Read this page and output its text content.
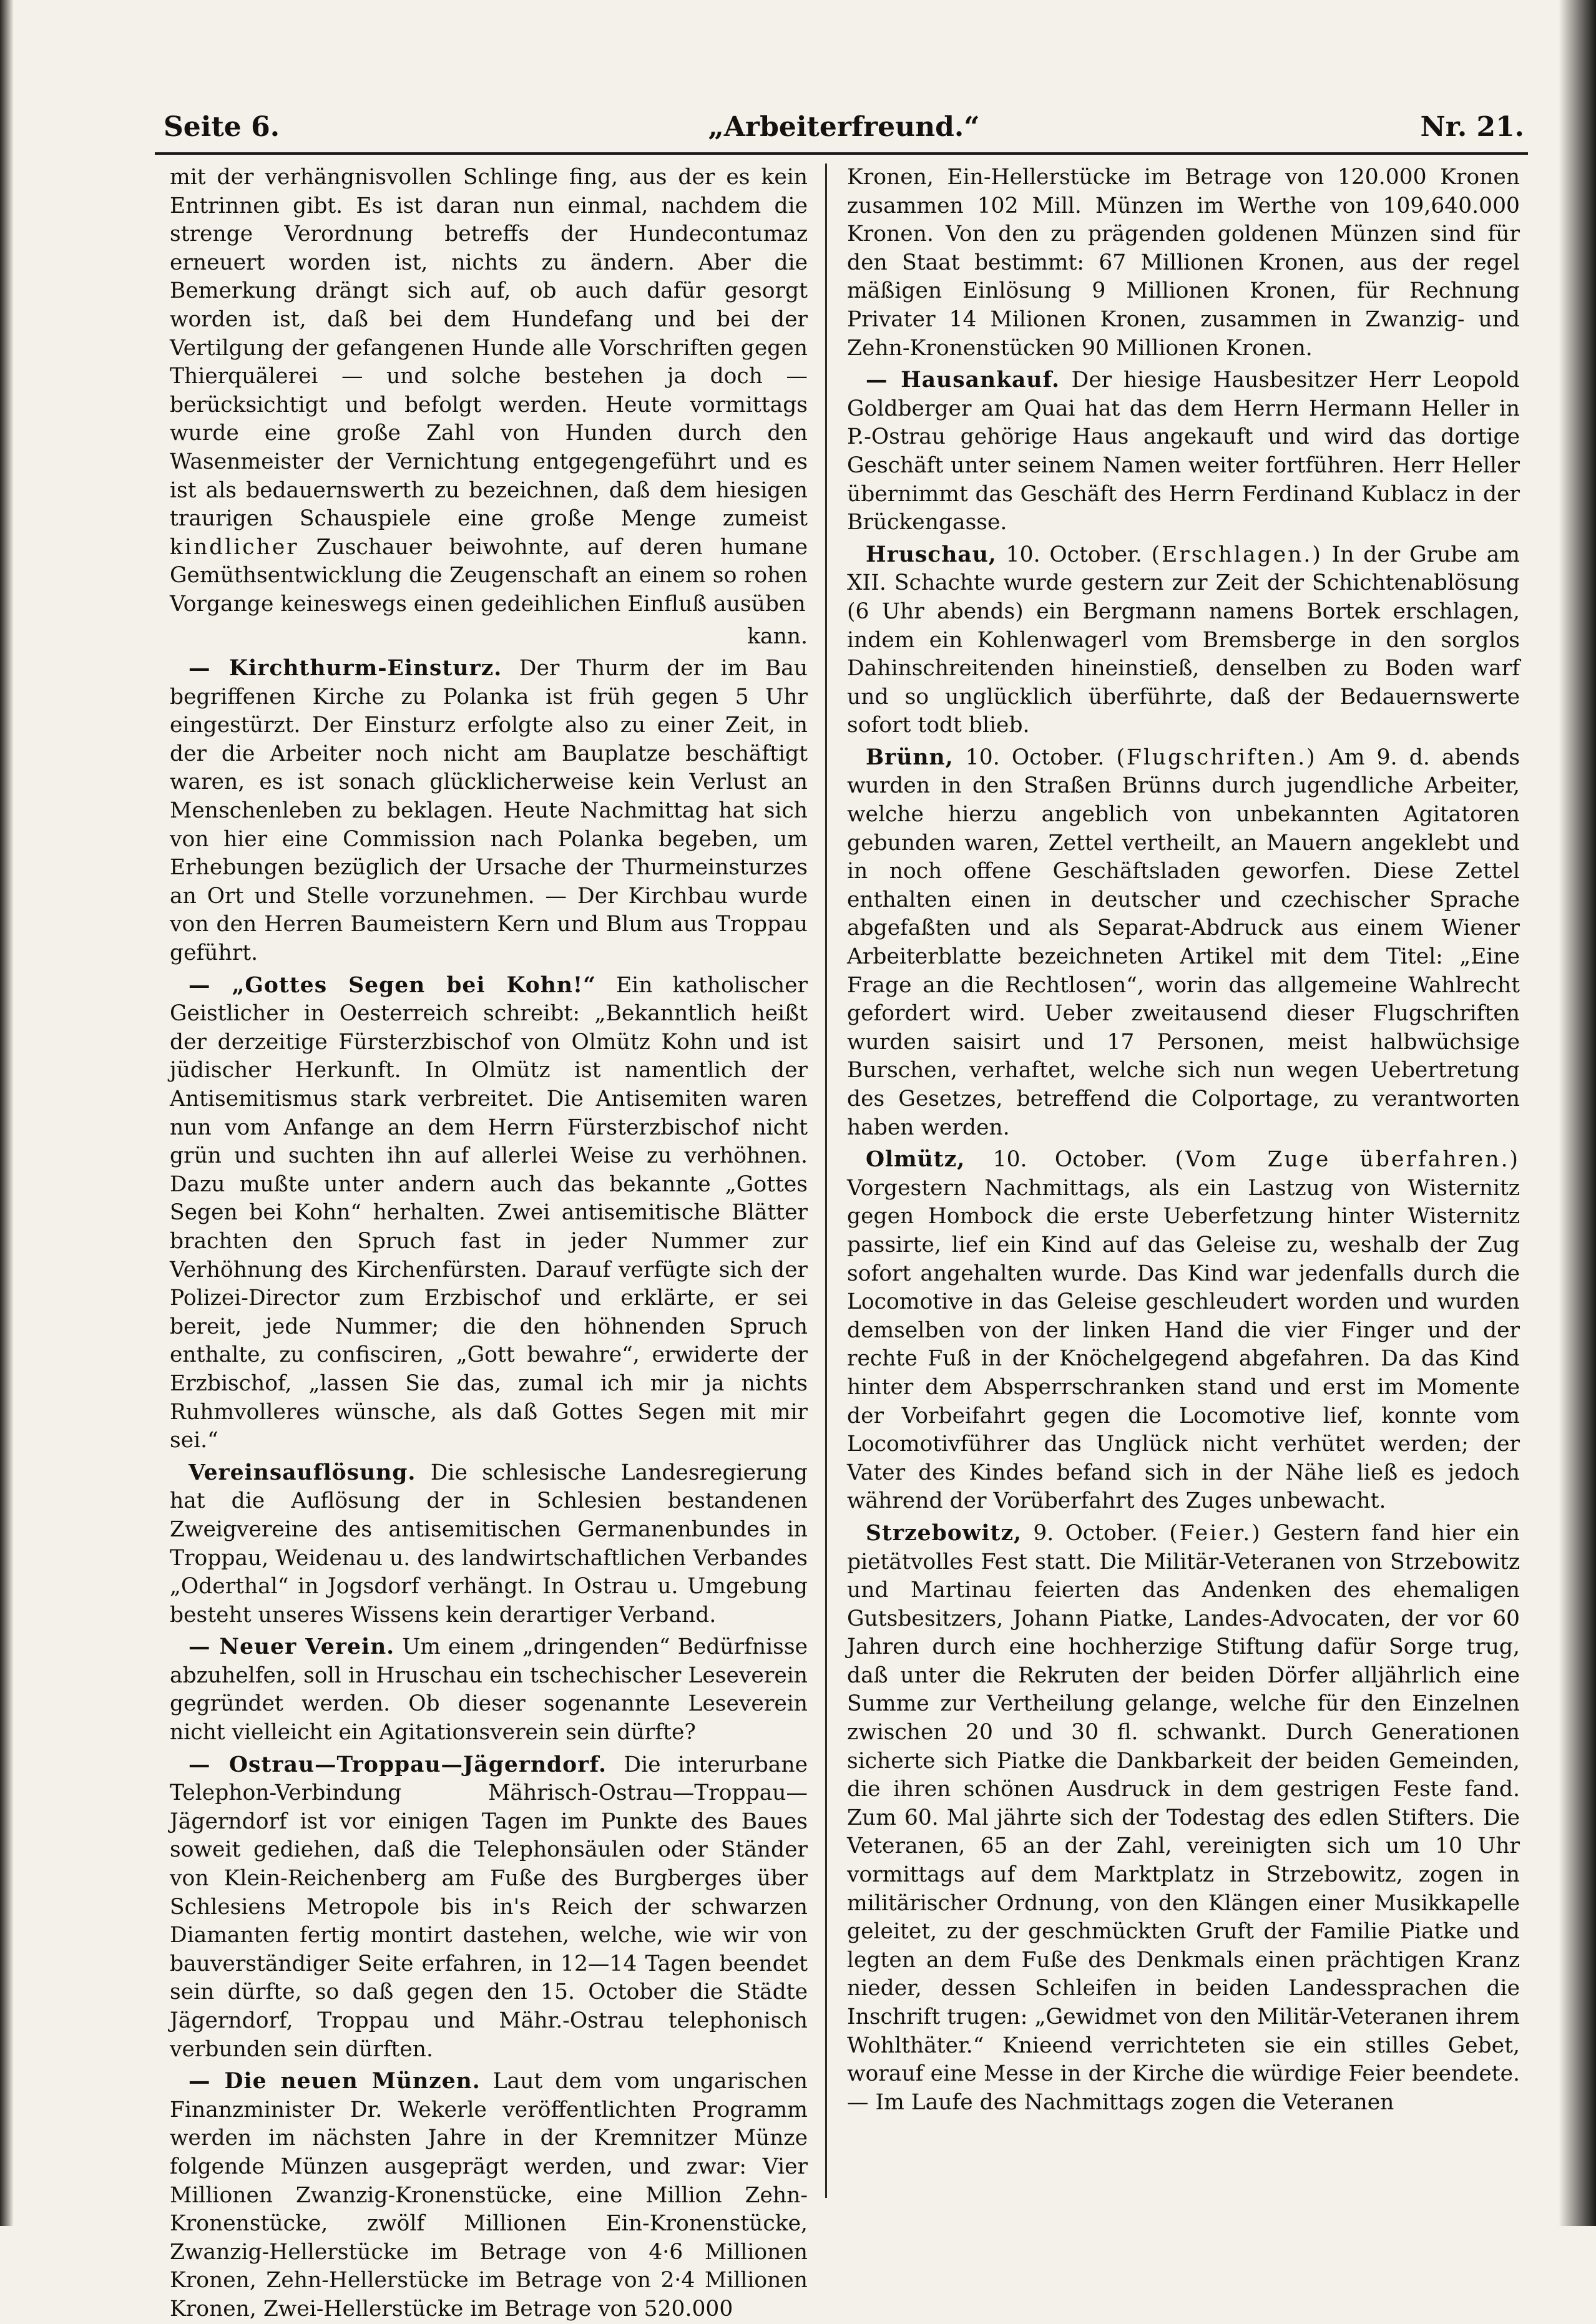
Seite 6.	„Arbeiterfreund.“	Nr. 21.

mit der verhängnisvollen Schlinge fing, aus der es kein Entrinnen gibt. Es ist daran nun einmal, nachdem die strenge Verordnung betreffs der Hundecontumaz erneuert worden ist, nichts zu ändern. Aber die Bemerkung drängt sich auf, ob auch dafür gesorgt worden ist, daß bei dem Hundefang und bei der Vertilgung der gefangenen Hunde alle Vorschriften gegen Thierquälerei — und solche bestehen ja doch — berücksichtigt und befolgt werden. Heute vormittags wurde eine große Zahl von Hunden durch den Wasenmeister der Vernichtung entgegengeführt und es ist als bedauernswerth zu bezeichnen, daß dem hiesigen traurigen Schauspiele eine große Menge zumeist kindlicher Zuschauer beiwohnte, auf deren humane Gemüthsentwicklung die Zeugenschaft an einem so rohen Vorgange keineswegs einen gedeihlichen Einfluß ausüben

kann.

— Kirchthurm-Einsturz. Der Thurm der im Bau begriffenen Kirche zu Polanka ist früh gegen 5 Uhr eingestürzt. Der Einsturz erfolgte also zu einer Zeit, in der die Arbeiter noch nicht am Bauplatze beschäftigt waren, es ist sonach glücklicherweise kein Verlust an Menschenleben zu beklagen. Heute Nachmittag hat sich von hier eine Commission nach Polanka begeben, um Erhebungen bezüglich der Ursache der Thurmeinsturzes an Ort und Stelle vorzunehmen. — Der Kirchbau wurde von den Herren Baumeistern Kern und Blum aus Troppau geführt.

— „Gottes Segen bei Kohn!“ Ein katholischer Geistlicher in Oesterreich schreibt: „Bekanntlich heißt der derzeitige Fürsterzbischof von Olmütz Kohn und ist jüdischer Herkunft. In Olmütz ist namentlich der Antisemitismus stark verbreitet. Die Antisemiten waren nun vom Anfange an dem Herrn Fürsterzbischof nicht grün und suchten ihn auf allerlei Weise zu verhöhnen. Dazu mußte unter andern auch das bekannte „Gottes Segen bei Kohn“ herhalten. Zwei antisemitische Blätter brachten den Spruch fast in jeder Nummer zur Verhöhnung des Kirchenfürsten. Darauf verfügte sich der Polizei-Director zum Erzbischof und erklärte, er sei bereit, jede Nummer; die den höhnenden Spruch enthalte, zu confisciren, „Gott bewahre“, erwiderte der Erzbischof, „lassen Sie das, zumal ich mir ja nichts Ruhmvolleres wünsche, als daß Gottes Segen mit mir sei.“

Vereinsauflösung. Die schlesische Landesregierung hat die Auflösung der in Schlesien bestandenen Zweigvereine des antisemitischen Germanenbundes in Troppau, Weidenau u. des landwirtschaftlichen Verbandes „Oderthal“ in Jogsdorf verhängt. In Ostrau u. Umgebung besteht unseres Wissens kein derartiger Verband.

— Neuer Verein. Um einem „dringenden“ Bedürfnisse abzuhelfen, soll in Hruschau ein tschechischer Leseverein gegründet werden. Ob dieser sogenannte Leseverein nicht vielleicht ein Agitationsverein sein dürfte?

— Ostrau—Troppau—Jägerndorf. Die interurbane Telephon-Verbindung Mährisch-Ostrau—Troppau—Jägerndorf ist vor einigen Tagen im Punkte des Baues soweit gediehen, daß die Telephonsäulen oder Ständer von Klein-Reichenberg am Fuße des Burgberges über Schlesiens Metropole bis in's Reich der schwarzen Diamanten fertig montirt dastehen, welche, wie wir von bauverständiger Seite erfahren, in 12—14 Tagen beendet sein dürfte, so daß gegen den 15. October die Städte Jägerndorf, Troppau und Mähr.-Ostrau telephonisch verbunden sein dürften.

— Die neuen Münzen. Laut dem vom ungarischen Finanzminister Dr. Wekerle veröffentlichten Programm werden im nächsten Jahre in der Kremnitzer Münze folgende Münzen ausgeprägt werden, und zwar: Vier Millionen Zwanzig-Kronenstücke, eine Million Zehn-Kronenstücke, zwölf Millionen Ein-Kronenstücke, Zwanzig-Hellerstücke im Betrage von 4·6 Millionen Kronen, Zehn-Hellerstücke im Betrage von 2·4 Millionen Kronen, Zwei-Hellerstücke im Betrage von 520.000

Kronen, Ein-Hellerstücke im Betrage von 120.000 Kronen zusammen 102 Mill. Münzen im Werthe von 109,640.000 Kronen. Von den zu prägenden goldenen Münzen sind für den Staat bestimmt: 67 Millionen Kronen, aus der regel mäßigen Einlösung 9 Millionen Kronen, für Rechnung Privater 14 Milionen Kronen, zusammen in Zwanzig- und Zehn-Kronenstücken 90 Millionen Kronen.

— Hausankauf. Der hiesige Hausbesitzer Herr Leopold Goldberger am Quai hat das dem Herrn Hermann Heller in P.-Ostrau gehörige Haus angekauft und wird das dortige Geschäft unter seinem Namen weiter fortführen. Herr Heller übernimmt das Geschäft des Herrn Ferdinand Kublacz in der Brückengasse.

Hruschau, 10. October. (Erschlagen.) In der Grube am XII. Schachte wurde gestern zur Zeit der Schichtenablösung (6 Uhr abends) ein Bergmann namens Bortek erschlagen, indem ein Kohlenwagerl vom Bremsberge in den sorglos Dahinschreitenden hineinstieß, denselben zu Boden warf und so unglücklich überführte, daß der Bedauernswerte sofort todt blieb.

Brünn, 10. October. (Flugschriften.) Am 9. d. abends wurden in den Straßen Brünns durch jugendliche Arbeiter, welche hierzu angeblich von unbekannten Agitatoren gebunden waren, Zettel vertheilt, an Mauern angeklebt und in noch offene Geschäftsladen geworfen. Diese Zettel enthalten einen in deutscher und czechischer Sprache abgefaßten und als Separat-Abdruck aus einem Wiener Arbeiterblatte bezeichneten Artikel mit dem Titel: „Eine Frage an die Rechtlosen“, worin das allgemeine Wahlrecht gefordert wird. Ueber zweitausend dieser Flugschriften wurden saisirt und 17 Personen, meist halbwüchsige Burschen, verhaftet, welche sich nun wegen Uebertretung des Gesetzes, betreffend die Colportage, zu verantworten haben werden.

Olmütz, 10. October. (Vom Zuge überfahren.) Vorgestern Nachmittags, als ein Lastzug von Wisternitz gegen Hombock die erste Ueberfetzung hinter Wisternitz passirte, lief ein Kind auf das Geleise zu, weshalb der Zug sofort angehalten wurde. Das Kind war jedenfalls durch die Locomotive in das Geleise geschleudert worden und wurden demselben von der linken Hand die vier Finger und der rechte Fuß in der Knöchelgegend abgefahren. Da das Kind hinter dem Absperrschranken stand und erst im Momente der Vorbeifahrt gegen die Locomotive lief, konnte vom Locomotivführer das Unglück nicht verhütet werden; der Vater des Kindes befand sich in der Nähe ließ es jedoch während der Vorüberfahrt des Zuges unbewacht.

Strzebowitz, 9. October. (Feier.) Gestern fand hier ein pietätvolles Fest statt. Die Militär-Veteranen von Strzebowitz und Martinau feierten das Andenken des ehemaligen Gutsbesitzers, Johann Piatke, Landes-Advocaten, der vor 60 Jahren durch eine hochherzige Stiftung dafür Sorge trug, daß unter die Rekruten der beiden Dörfer alljährlich eine Summe zur Vertheilung gelange, welche für den Einzelnen zwischen 20 und 30 fl. schwankt. Durch Generationen sicherte sich Piatke die Dankbarkeit der beiden Gemeinden, die ihren schönen Ausdruck in dem gestrigen Feste fand. Zum 60. Mal jährte sich der Todestag des edlen Stifters. Die Veteranen, 65 an der Zahl, vereinigten sich um 10 Uhr vormittags auf dem Marktplatz in Strzebowitz, zogen in militärischer Ordnung, von den Klängen einer Musikkapelle geleitet, zu der geschmückten Gruft der Familie Piatke und legten an dem Fuße des Denkmals einen prächtigen Kranz nieder, dessen Schleifen in beiden Landessprachen die Inschrift trugen: „Gewidmet von den Militär-Veteranen ihrem Wohlthäter.“ Knieend verrichteten sie ein stilles Gebet, worauf eine Messe in der Kirche die würdige Feier beendete. — Im Laufe des Nachmittags zogen die Veteranen
